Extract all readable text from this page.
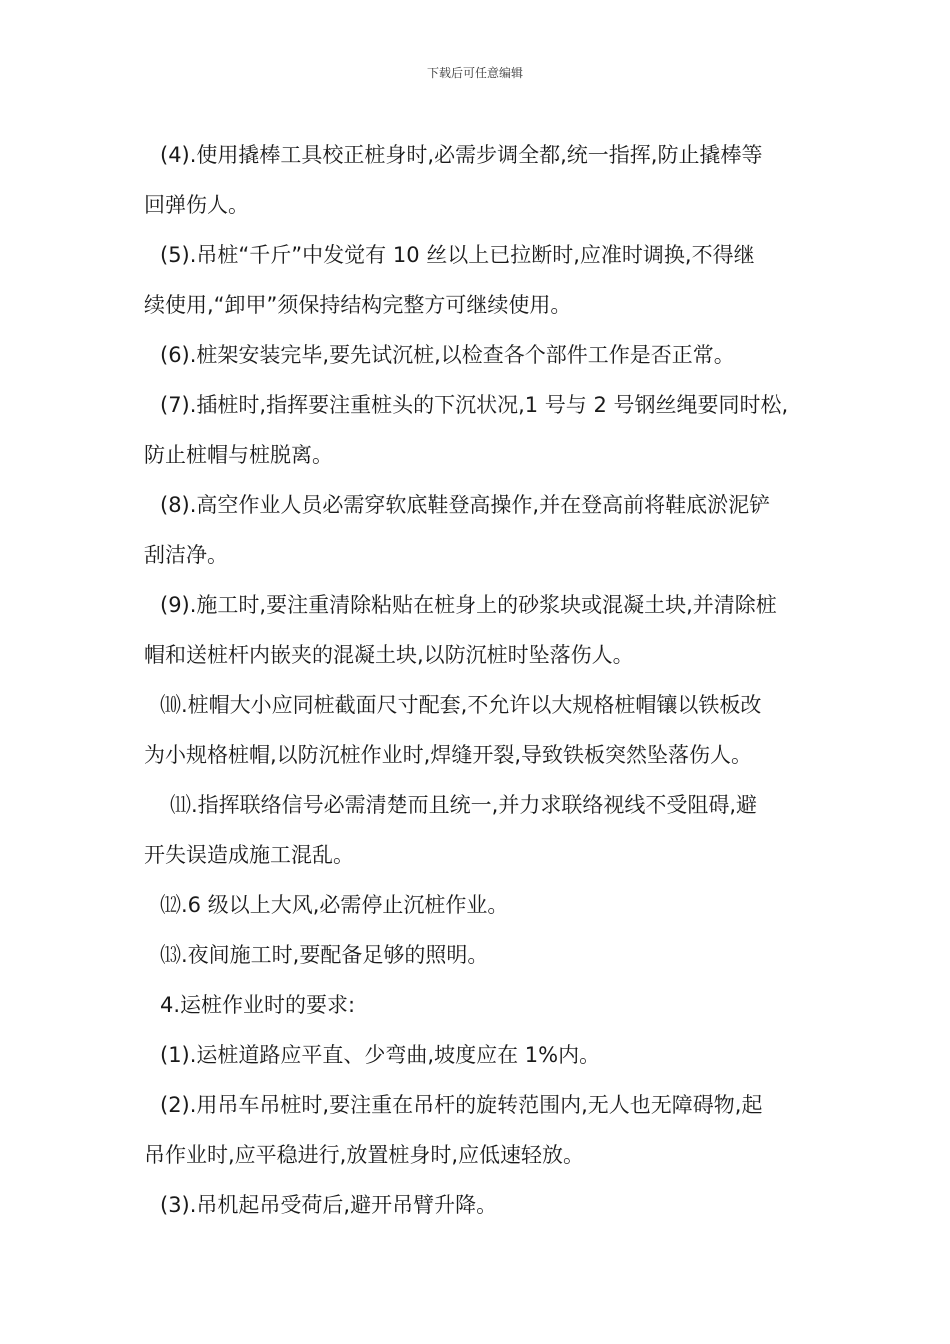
下载后可任意编辑

(4).使用撬棒工具校正桩身时,必需步调全都,统一指挥,防止撬棒等
回弹伤人。

(5).吊桩“千斤”中发觉有 10 丝以上已拉断时,应准时调换,不得继
续使用,“卸甲”须保持结构完整方可继续使用。

(6).桩架安装完毕,要先试沉桩,以检查各个部件工作是否正常。

(7).插桩时,指挥要注重桩头的下沉状况,1 号与 2 号钢丝绳要同时松,
防止桩帽与桩脱离。

(8).高空作业人员必需穿软底鞋登高操作,并在登高前将鞋底淤泥铲
刮洁净。

(9).施工时,要注重清除粘贴在桩身上的砂浆块或混凝土块,并清除桩
帽和送桩杆内嵌夹的混凝土块,以防沉桩时坠落伤人。

⑽.桩帽大小应同桩截面尺寸配套,不允许以大规格桩帽镶以铁板改
为小规格桩帽,以防沉桩作业时,焊缝开裂,导致铁板突然坠落伤人。

⑾.指挥联络信号必需清楚而且统一,并力求联络视线不受阻碍,避
开失误造成施工混乱。

⑿.6 级以上大风,必需停止沉桩作业。

⒀.夜间施工时,要配备足够的照明。

4.运桩作业时的要求:

(1).运桩道路应平直、少弯曲,坡度应在 1%内。

(2).用吊车吊桩时,要注重在吊杆的旋转范围内,无人也无障碍物,起
吊作业时,应平稳进行,放置桩身时,应低速轻放。

(3).吊机起吊受荷后,避开吊臂升降。
